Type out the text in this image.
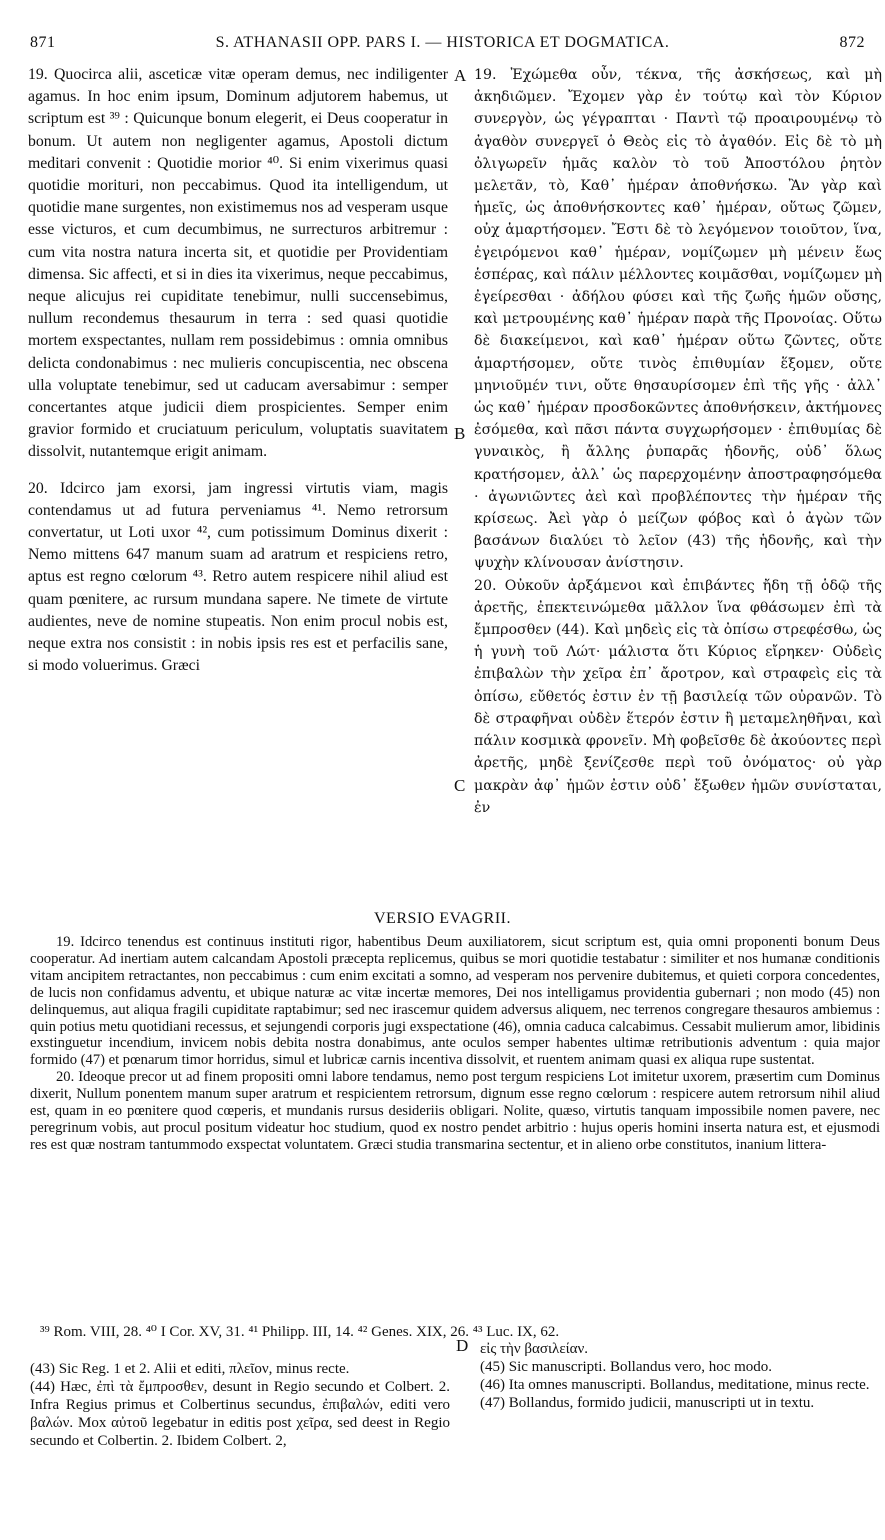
871	S. ATHANASII OPP. PARS I. — HISTORICA ET DOGMATICA.	872
A
B
C
D

19. Quocirca alii, asceticæ vitæ operam demus, nec indiligenter agamus. In hoc enim ipsum, Dominum adjutorem habemus, ut scriptum est ³⁹ : Quicunque bonum elegerit, ei Deus cooperatur in bonum. Ut autem non negligenter agamus, Apostoli dictum meditari convenit : Quotidie morior ⁴⁰. Si enim vixerimus quasi quotidie morituri, non peccabimus. Quod ita intelligendum, ut quotidie mane surgentes, non existimemus nos ad vesperam usque esse victuros, et cum decumbimus, ne surrecturos arbitremur : cum vita nostra natura incerta sit, et quotidie per Providentiam dimensa. Sic affecti, et si in dies ita vixerimus, neque peccabimus, neque alicujus rei cupiditate tenebimur, nulli succensebimus, nullum recondemus thesaurum in terra : sed quasi quotidie mortem exspectantes, nullam rem possidebimus : omnia omnibus delicta condonabimus : nec mulieris concupiscentia, nec obscena ulla voluptate tenebimur, sed ut caducam aversabimur : semper concertantes atque judicii diem prospicientes. Semper enim gravior formido et cruciatuum periculum, voluptatis suavitatem dissolvit, nutantemque erigit animam.

20. Idcirco jam exorsi, jam ingressi virtutis viam, magis contendamus ut ad futura perveniamus ⁴¹. Nemo retrorsum convertatur, ut Loti uxor ⁴², cum potissimum Dominus dixerit : Nemo mittens 647 manum suam ad aratrum et respiciens retro, aptus est regno cœlorum ⁴³. Retro autem respicere nihil aliud est quam pœnitere, ac rursum mundana sapere. Ne timete de virtute audientes, neve de nomine stupeatis. Non enim procul nobis est, neque extra nos consistit : in nobis ipsis res est et perfacilis sane, si modo voluerimus. Græci

19. Ἐχώμεθα οὖν, τέκνα, τῆς ἀσκήσεως, καὶ μὴ ἀκηδιῶμεν. Ἔχομεν γὰρ ἐν τούτῳ καὶ τὸν Κύριον συνεργὸν, ὡς γέγραπται · Παντὶ τῷ προαιρουμένῳ τὸ ἀγαθὸν συνεργεῖ ὁ Θεὸς εἰς τὸ ἀγαθόν. Εἰς δὲ τὸ μὴ ὀλιγωρεῖν ἡμᾶς καλὸν τὸ τοῦ Ἀποστόλου ῥητὸν μελετᾶν, τὸ, Καθ᾽ ἡμέραν ἀποθνήσκω. Ἂν γὰρ καὶ ἡμεῖς, ὡς ἀποθνήσκοντες καθ᾽ ἡμέραν, οὕτως ζῶμεν, οὐχ ἁμαρτήσομεν. Ἔστι δὲ τὸ λεγόμενον τοιοῦτον, ἵνα, ἐγειρόμενοι καθ᾽ ἡμέραν, νομίζωμεν μὴ μένειν ἕως ἑσπέρας, καὶ πάλιν μέλλοντες κοιμᾶσθαι, νομίζωμεν μὴ ἐγείρεσθαι · ἀδήλου φύσει καὶ τῆς ζωῆς ἡμῶν οὔσης, καὶ μετρουμένης καθ᾽ ἡμέραν παρὰ τῆς Προνοίας. Οὕτω δὲ διακείμενοι, καὶ καθ᾽ ἡμέραν οὕτω ζῶντες, οὔτε ἁμαρτήσομεν, οὔτε τινὸς ἐπιθυμίαν ἕξομεν, οὔτε μηνιοῦμέν τινι, οὔτε θησαυρίσομεν ἐπὶ τῆς γῆς · ἀλλ᾽ ὡς καθ᾽ ἡμέραν προσδοκῶντες ἀποθνήσκειν, ἀκτήμονες ἐσόμεθα, καὶ πᾶσι πάντα συγχωρήσομεν · ἐπιθυμίας δὲ γυναικὸς, ἢ ἄλλης ῥυπαρᾶς ἡδονῆς, οὐδ᾽ ὅλως κρατήσομεν, ἀλλ᾽ ὡς παρερχομένην ἀποστραφησόμεθα · ἀγωνιῶντες ἀεὶ καὶ προβλέποντες τὴν ἡμέραν τῆς κρίσεως. Ἀεὶ γὰρ ὁ μείζων φόβος καὶ ὁ ἀγὼν τῶν βασάνων διαλύει τὸ λεῖον (43) τῆς ἡδονῆς, καὶ τὴν ψυχὴν κλίνουσαν ἀνίστησιν.

20. Οὐκοῦν ἀρξάμενοι καὶ ἐπιβάντες ἤδη τῇ ὁδῷ τῆς ἀρετῆς, ἐπεκτεινώμεθα μᾶλλον ἵνα φθάσωμεν ἐπὶ τὰ ἔμπροσθεν (44). Καὶ μηδεὶς εἰς τὰ ὀπίσω στρεφέσθω, ὡς ἡ γυνὴ τοῦ Λώτ· μάλιστα ὅτι Κύριος εἴρηκεν· Οὐδεὶς ἐπιβαλὼν τὴν χεῖρα ἐπ᾽ ἄροτρον, καὶ στραφεὶς εἰς τὰ ὀπίσω, εὔθετός ἐστιν ἐν τῇ βασιλείᾳ τῶν οὐρανῶν. Τὸ δὲ στραφῆναι οὐδὲν ἕτερόν ἐστιν ἢ μεταμεληθῆναι, καὶ πάλιν κοσμικὰ φρονεῖν. Μὴ φοβεῖσθε δὲ ἀκούοντες περὶ ἀρετῆς, μηδὲ ξενίζεσθε περὶ τοῦ ὀνόματος· οὐ γὰρ μακρὰν ἀφ᾽ ἡμῶν ἐστιν οὐδ᾽ ἔξωθεν ἡμῶν συνίσταται, ἐν

VERSIO EVAGRII.

19. Idcirco tenendus est continuus instituti rigor, habentibus Deum auxiliatorem, sicut scriptum est, quia omni proponenti bonum Deus cooperatur. Ad inertiam autem calcandam Apostoli præcepta replicemus, quibus se mori quotidie testabatur : similiter et nos humanæ conditionis vitam ancipitem retractantes, non peccabimus : cum enim excitati a somno, ad vesperam nos pervenire dubitemus, et quieti corpora concedentes, de lucis non confidamus adventu, et ubique naturæ ac vitæ incertæ memores, Dei nos intelligamus providentia gubernari ; non modo (45) non delinquemus, aut aliqua fragili cupiditate raptabimur; sed nec irascemur quidem adversus aliquem, nec terrenos congregare thesauros ambiemus : quin potius metu quotidiani recessus, et sejungendi corporis jugi exspectatione (46), omnia caduca calcabimus. Cessabit mulierum amor, libidinis exstinguetur incendium, invicem nobis debita nostra donabimus, ante oculos semper habentes ultimæ retributionis adventum : quia major formido (47) et pœnarum timor horridus, simul et lubricæ carnis incentiva dissolvit, et ruentem animam quasi ex aliqua rupe sustentat.

20. Ideoque precor ut ad finem propositi omni labore tendamus, nemo post tergum respiciens Lot imitetur uxorem, præsertim cum Dominus dixerit, Nullum ponentem manum super aratrum et respicientem retrorsum, dignum esse regno cœlorum : respicere autem retrorsum nihil aliud est, quam in eo pœnitere quod cœperis, et mundanis rursus desideriis obligari. Nolite, quæso, virtutis tanquam impossibile nomen pavere, nec peregrinum vobis, aut procul positum videatur hoc studium, quod ex nostro pendet arbitrio : hujus operis homini inserta natura est, et ejusmodi res est quæ nostram tantummodo exspectat voluntatem. Græci studia transmarina sectentur, et in alieno orbe constitutos, inanium littera-

³⁹ Rom. VIII, 28. ⁴⁰ I Cor. XV, 31. ⁴¹ Philipp. III, 14. ⁴² Genes. XIX, 26. ⁴³ Luc. IX, 62.

(43) Sic Reg. 1 et 2. Alii et editi, πλεῖον, minus recte.

(44) Hæc, ἐπὶ τὰ ἔμπροσθεν, desunt in Regio secundo et Colbert. 2. Infra Regius primus et Colbertinus secundus, ἐπιβαλών, editi vero βαλών. Mox αὐτοῦ legebatur in editis post χεῖρα, sed deest in Regio secundo et Colbertin. 2. Ibidem Colbert. 2,

εἰς τὴν βασιλείαν.

(45) Sic manuscripti. Bollandus vero, hoc modo.

(46) Ita omnes manuscripti. Bollandus, meditatione, minus recte.

(47) Bollandus, formido judicii, manuscripti ut in textu.
